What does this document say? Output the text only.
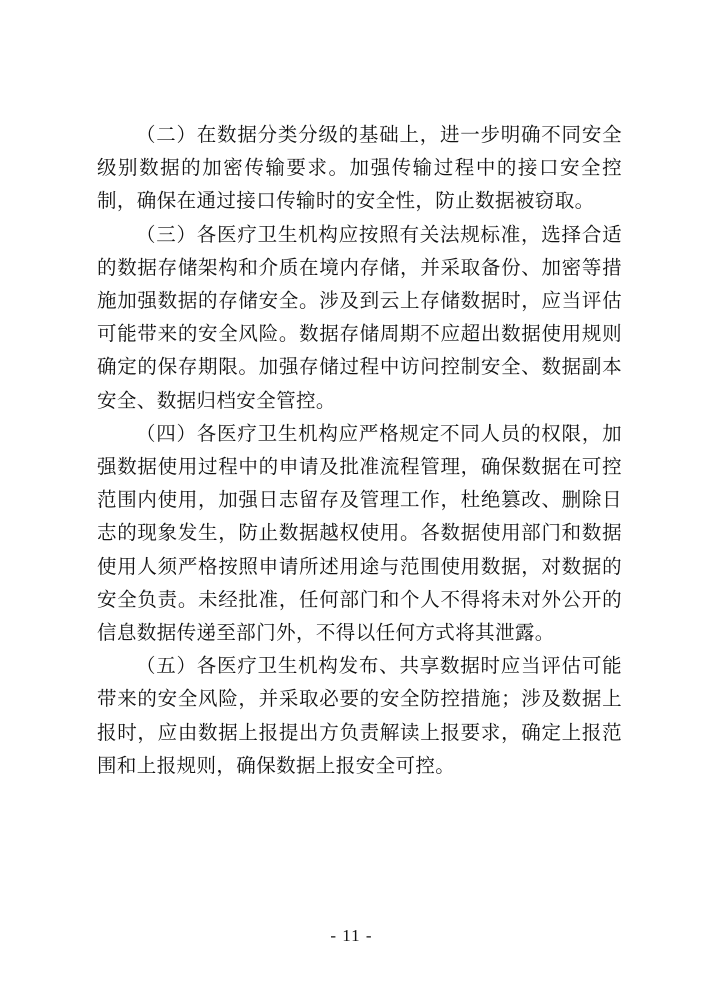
（二）在数据分类分级的基础上，进一步明确不同安全级别数据的加密传输要求。加强传输过程中的接口安全控制，确保在通过接口传输时的安全性，防止数据被窃取。

（三）各医疗卫生机构应按照有关法规标准，选择合适的数据存储架构和介质在境内存储，并采取备份、加密等措施加强数据的存储安全。涉及到云上存储数据时，应当评估可能带来的安全风险。数据存储周期不应超出数据使用规则确定的保存期限。加强存储过程中访问控制安全、数据副本安全、数据归档安全管控。

（四）各医疗卫生机构应严格规定不同人员的权限，加强数据使用过程中的申请及批准流程管理，确保数据在可控范围内使用，加强日志留存及管理工作，杜绝篡改、删除日志的现象发生，防止数据越权使用。各数据使用部门和数据使用人须严格按照申请所述用途与范围使用数据，对数据的安全负责。未经批准，任何部门和个人不得将未对外公开的信息数据传递至部门外，不得以任何方式将其泄露。

（五）各医疗卫生机构发布、共享数据时应当评估可能带来的安全风险，并采取必要的安全防控措施；涉及数据上报时，应由数据上报提出方负责解读上报要求，确定上报范围和上报规则，确保数据上报安全可控。

- 11 -
